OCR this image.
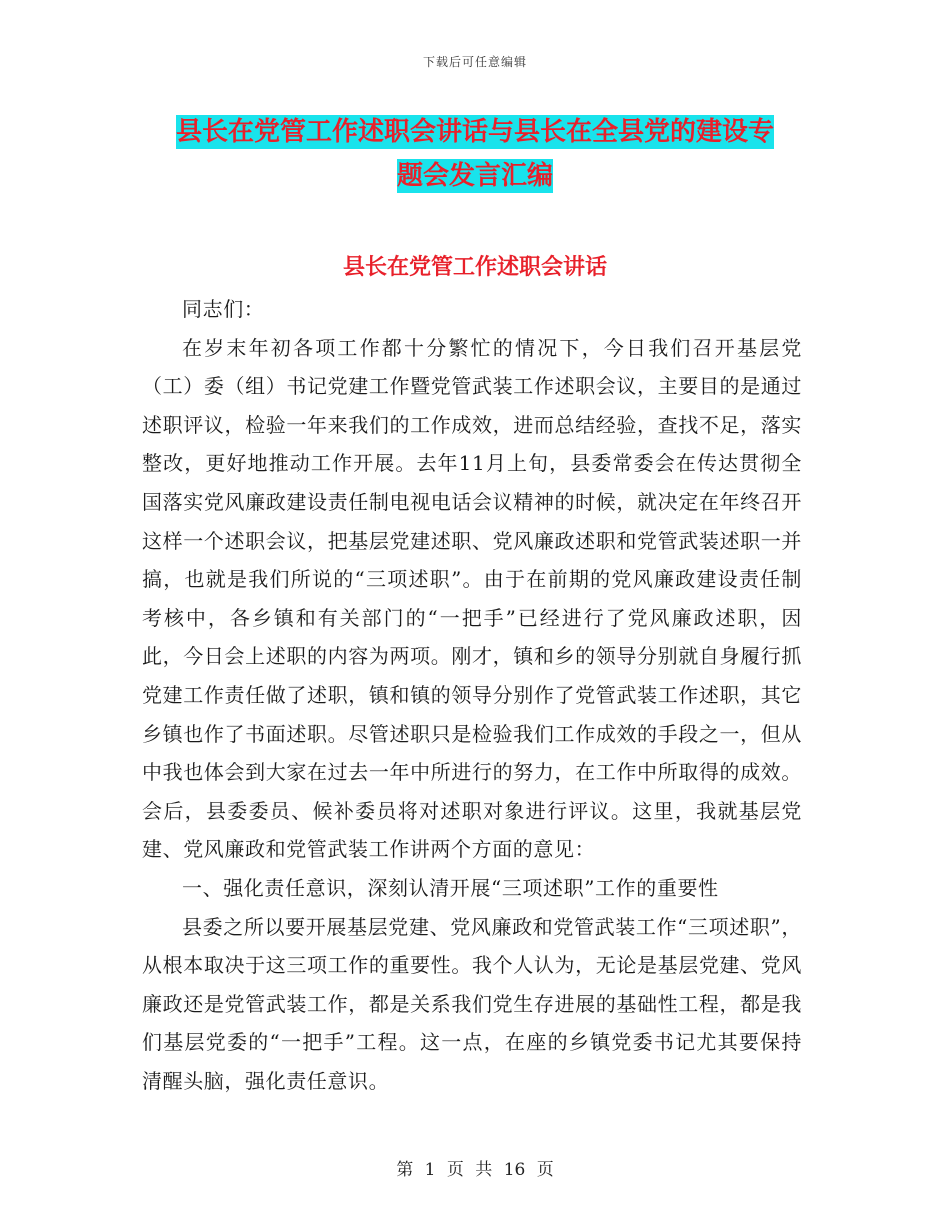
下载后可任意编辑
县长在党管工作述职会讲话与县长在全县党的建设专
题会发言汇编
县长在党管工作述职会讲话

同志们：

在岁末年初各项工作都十分繁忙的情况下，今日我们召开基层党（工）委（组）书记党建工作暨党管武装工作述职会议，主要目的是通过述职评议，检验一年来我们的工作成效，进而总结经验，查找不足，落实整改，更好地推动工作开展。去年11月上旬，县委常委会在传达贯彻全国落实党风廉政建设责任制电视电话会议精神的时候，就决定在年终召开这样一个述职会议，把基层党建述职、党风廉政述职和党管武装述职一并搞，也就是我们所说的“三项述职”。由于在前期的党风廉政建设责任制考核中，各乡镇和有关部门的“一把手”已经进行了党风廉政述职，因此，今日会上述职的内容为两项。刚才，镇和乡的领导分别就自身履行抓党建工作责任做了述职，镇和镇的领导分别作了党管武装工作述职，其它乡镇也作了书面述职。尽管述职只是检验我们工作成效的手段之一，但从中我也体会到大家在过去一年中所进行的努力，在工作中所取得的成效。会后，县委委员、候补委员将对述职对象进行评议。这里，我就基层党建、党风廉政和党管武装工作讲两个方面的意见：

一、强化责任意识，深刻认清开展“三项述职”工作的重要性

县委之所以要开展基层党建、党风廉政和党管武装工作“三项述职”，从根本取决于这三项工作的重要性。我个人认为，无论是基层党建、党风廉政还是党管武装工作，都是关系我们党生存进展的基础性工程，都是我们基层党委的“一把手”工程。这一点，在座的乡镇党委书记尤其要保持清醒头脑，强化责任意识。

第 1 页 共 16 页
